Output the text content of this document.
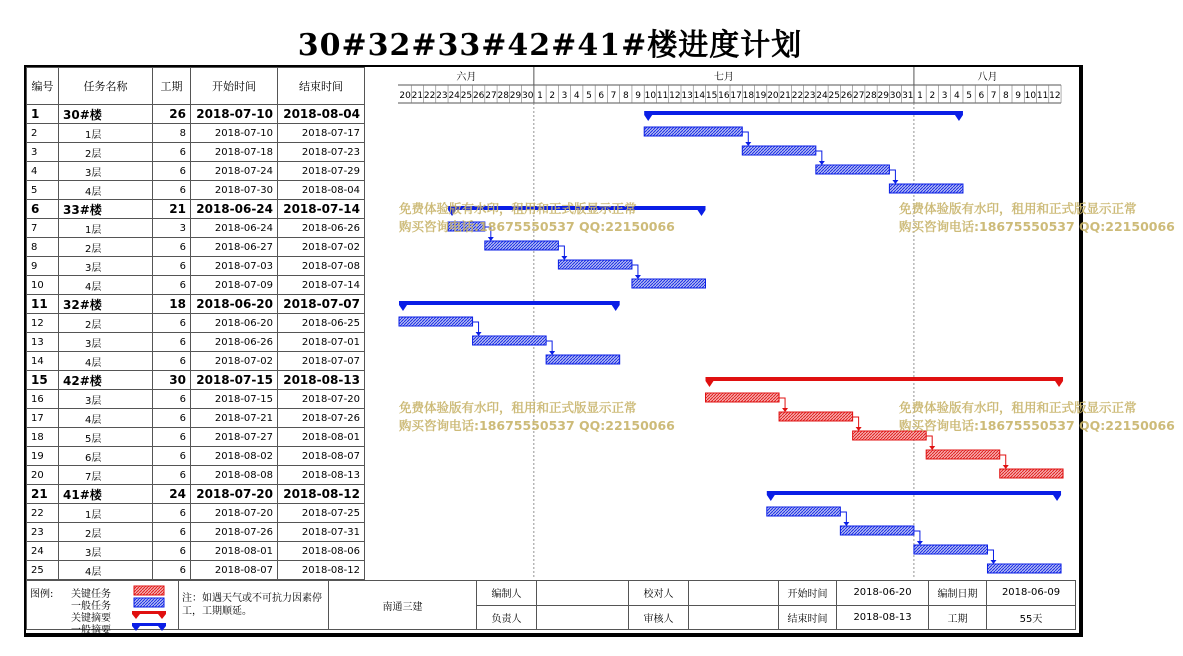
30#32#33#42#41#楼进度计划
编号	任务名称	工期	开始时间	结束时间
1	30#楼	26	2018-07-10	2018-08-04
2	1层	8	2018-07-10	2018-07-17
3	2层	6	2018-07-18	2018-07-23
4	3层	6	2018-07-24	2018-07-29
5	4层	6	2018-07-30	2018-08-04
6	33#楼	21	2018-06-24	2018-07-14
7	1层	3	2018-06-24	2018-06-26
8	2层	6	2018-06-27	2018-07-02
9	3层	6	2018-07-03	2018-07-08
10	4层	6	2018-07-09	2018-07-14
11	32#楼	18	2018-06-20	2018-07-07
12	2层	6	2018-06-20	2018-06-25
13	3层	6	2018-06-26	2018-07-01
14	4层	6	2018-07-02	2018-07-07
15	42#楼	30	2018-07-15	2018-08-13
16	3层	6	2018-07-15	2018-07-20
17	4层	6	2018-07-21	2018-07-26
18	5层	6	2018-07-27	2018-08-01
19	6层	6	2018-08-02	2018-08-07
20	7层	6	2018-08-08	2018-08-13
21	41#楼	24	2018-07-20	2018-08-12
22	1层	6	2018-07-20	2018-07-25
23	2层	6	2018-07-26	2018-07-31
24	3层	6	2018-08-01	2018-08-06
25	4层	6	2018-08-07	2018-08-12
六月	七月	八月
20 21 22 23 24 25 26 27 28 29 30 1 2 3 4 5 6 7 8 9 10 11 12 13 14 15 16 17 18 19 20 21 22 23 24 25 26 27 28 29 30 31 1 2 3 4 5 6 7 8 9 10 11 12
免费体验版有水印，租用和正式版显示正常
购买咨询电话:18675550537 QQ:22150066
免费体验版有水印，租用和正式版显示正常
购买咨询电话:18675550537 QQ:22150066
免费体验版有水印，租用和正式版显示正常
购买咨询电话:18675550537 QQ:22150066
免费体验版有水印，租用和正式版显示正常
购买咨询电话:18675550537 QQ:22150066
图例: 关键任务
一般任务
关键摘要
一般摘要	注：如遇天气或不可抗力因素停工，工期顺延。	南通三建	编制人		校对人		开始时间	2018-06-20	编制日期	2018-06-09
			负责人		审核人		结束时间	2018-08-13	工期	55天
